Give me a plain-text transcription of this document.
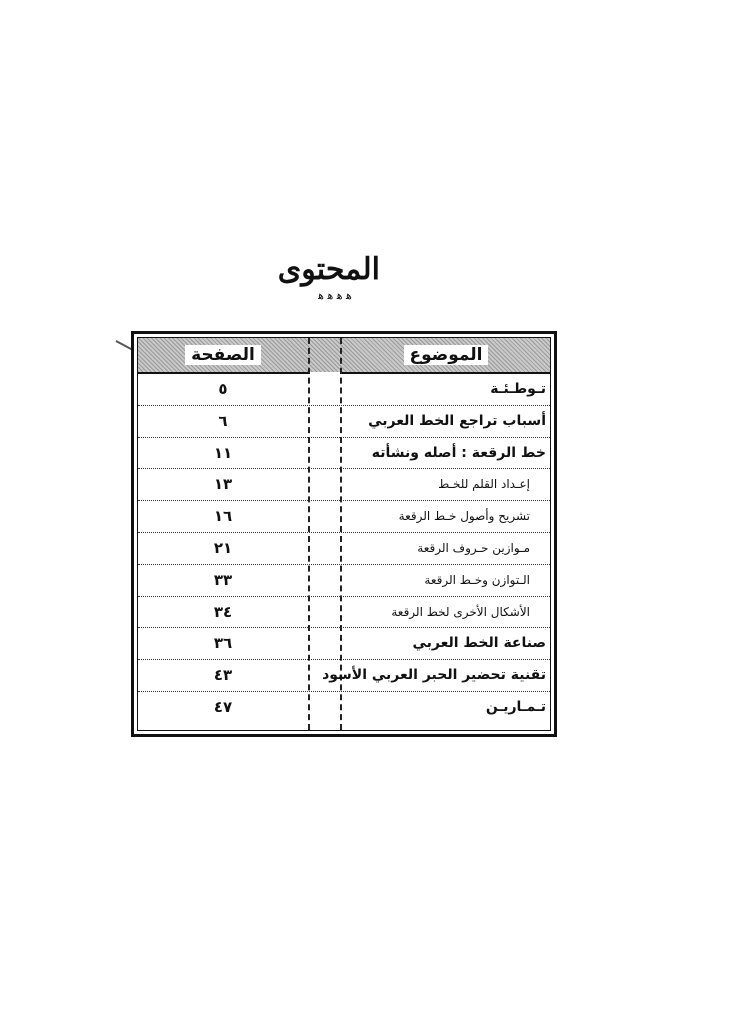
المحتوى
ﮬ ﮬ ﮬ ﮬ
الموضوع
الصفحة
تـوطـئـة
٥
أسباب تراجع الخط العربي
٦
خط الرقعة : أصله ونشأته
١١
إعـداد القلم للخـط
١٣
تشريح وأصول خـط الرقعة
١٦
مـوازين حـروف الرقعة
٢١
الـتوازن وخـط الرقعة
٣٣
الأشكال الأخرى لخط الرقعة
٣٤
صناعة الخط العربي
٣٦
تقنية تحضير الحبر العربي الأسود
٤٣
تـمـاريـن
٤٧
